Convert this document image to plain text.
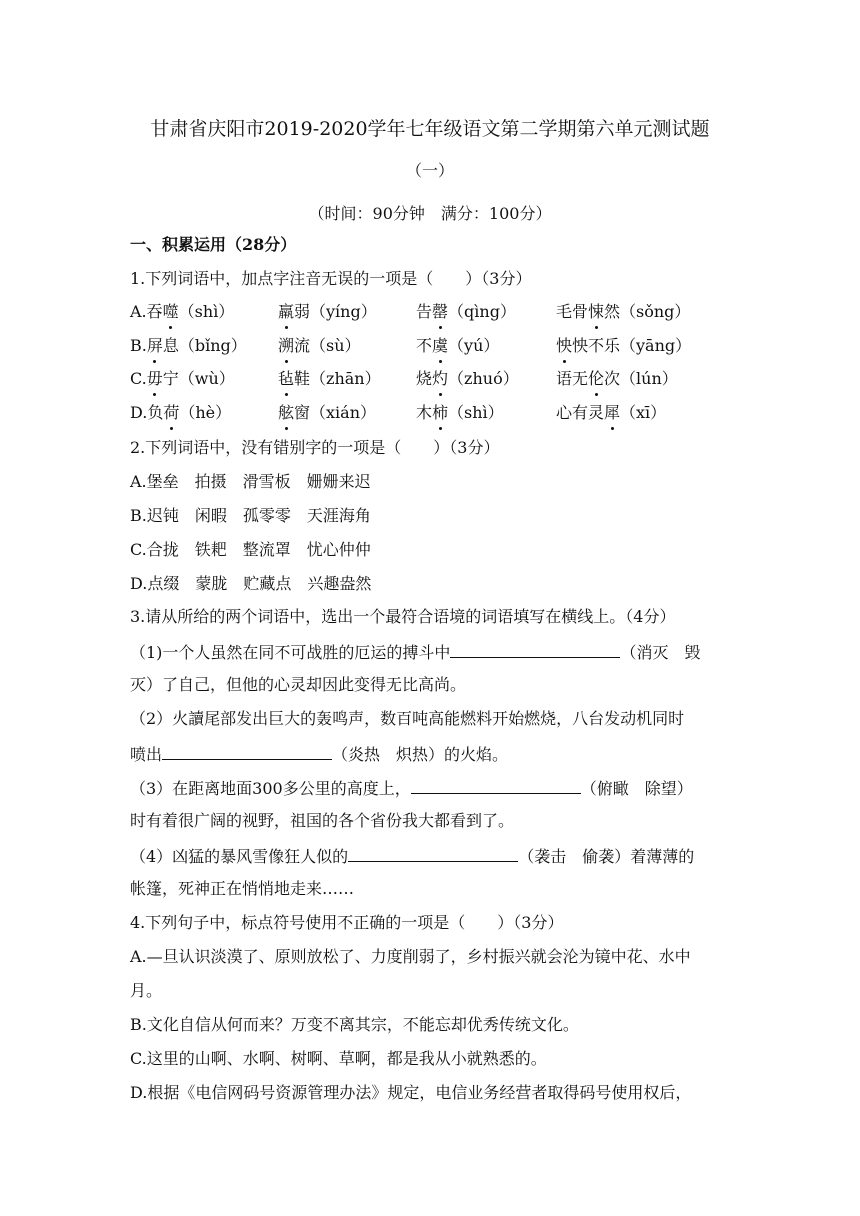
甘肃省庆阳市2019-2020学年七年级语文第二学期第六单元测试题
（一）
（时间：90分钟　满分：100分）
一、积累运用（28分）
1.下列词语中，加点字注音无误的一项是（　　）（3分）
A.吞噬（shì）	羸弱（yíng） 告罄（qìng）	毛骨悚然（sǒng）
B.屏息（bǐng） 溯流（sù）	不虞（yú）	怏怏不乐（yāng）
C.毋宁（wù）	毡鞋（zhān） 烧灼（zhuó） 语无伦次（lún）
D.负荷（hè）	舷窗（xián） 木柿（shì）	心有灵犀（xī）
2.下列词语中，没有错别字的一项是（　　）（3分）
A.堡垒　拍摄　滑雪板　姗姗来迟
B.迟钝　闲暇　孤零零　天涯海角
C.合拢　铁耙　整流罩　忧心仲仲
D.点缀　蒙胧　贮藏点　兴趣盎然
3.请从所给的两个词语中，选出一个最符合语境的词语填写在横线上。（4分）
（1)一个人虽然在同不可战胜的厄运的搏斗中	（消灭　毁
灭）了自己，但他的心灵却因此变得无比高尚。
（2）火讀尾部发出巨大的轰鸣声，数百吨高能燃料开始燃烧，八台发动机同时
喷出	（炎热　炽热）的火焰。
（3）在距离地面300多公里的高度上，	（俯瞰　除望）
时有着很广阔的视野，祖国的各个省份我大都看到了。
（4）凶猛的暴风雪像狂人似的	（袭击　偷袭）着薄薄的
帐篷，死神正在悄悄地走来……
4.下列句子中，标点符号使用不正确的一项是（　　）（3分）
A.—旦认识淡漠了、原则放松了、力度削弱了，乡村振兴就会沦为镜中花、水中
月。
B.文化自信从何而来？万变不离其宗，不能忘却优秀传统文化。
C.这里的山啊、水啊、树啊、草啊，都是我从小就熟悉的。
D.根据《电信网码号资源管理办法》规定，电信业务经营者取得码号使用权后，
